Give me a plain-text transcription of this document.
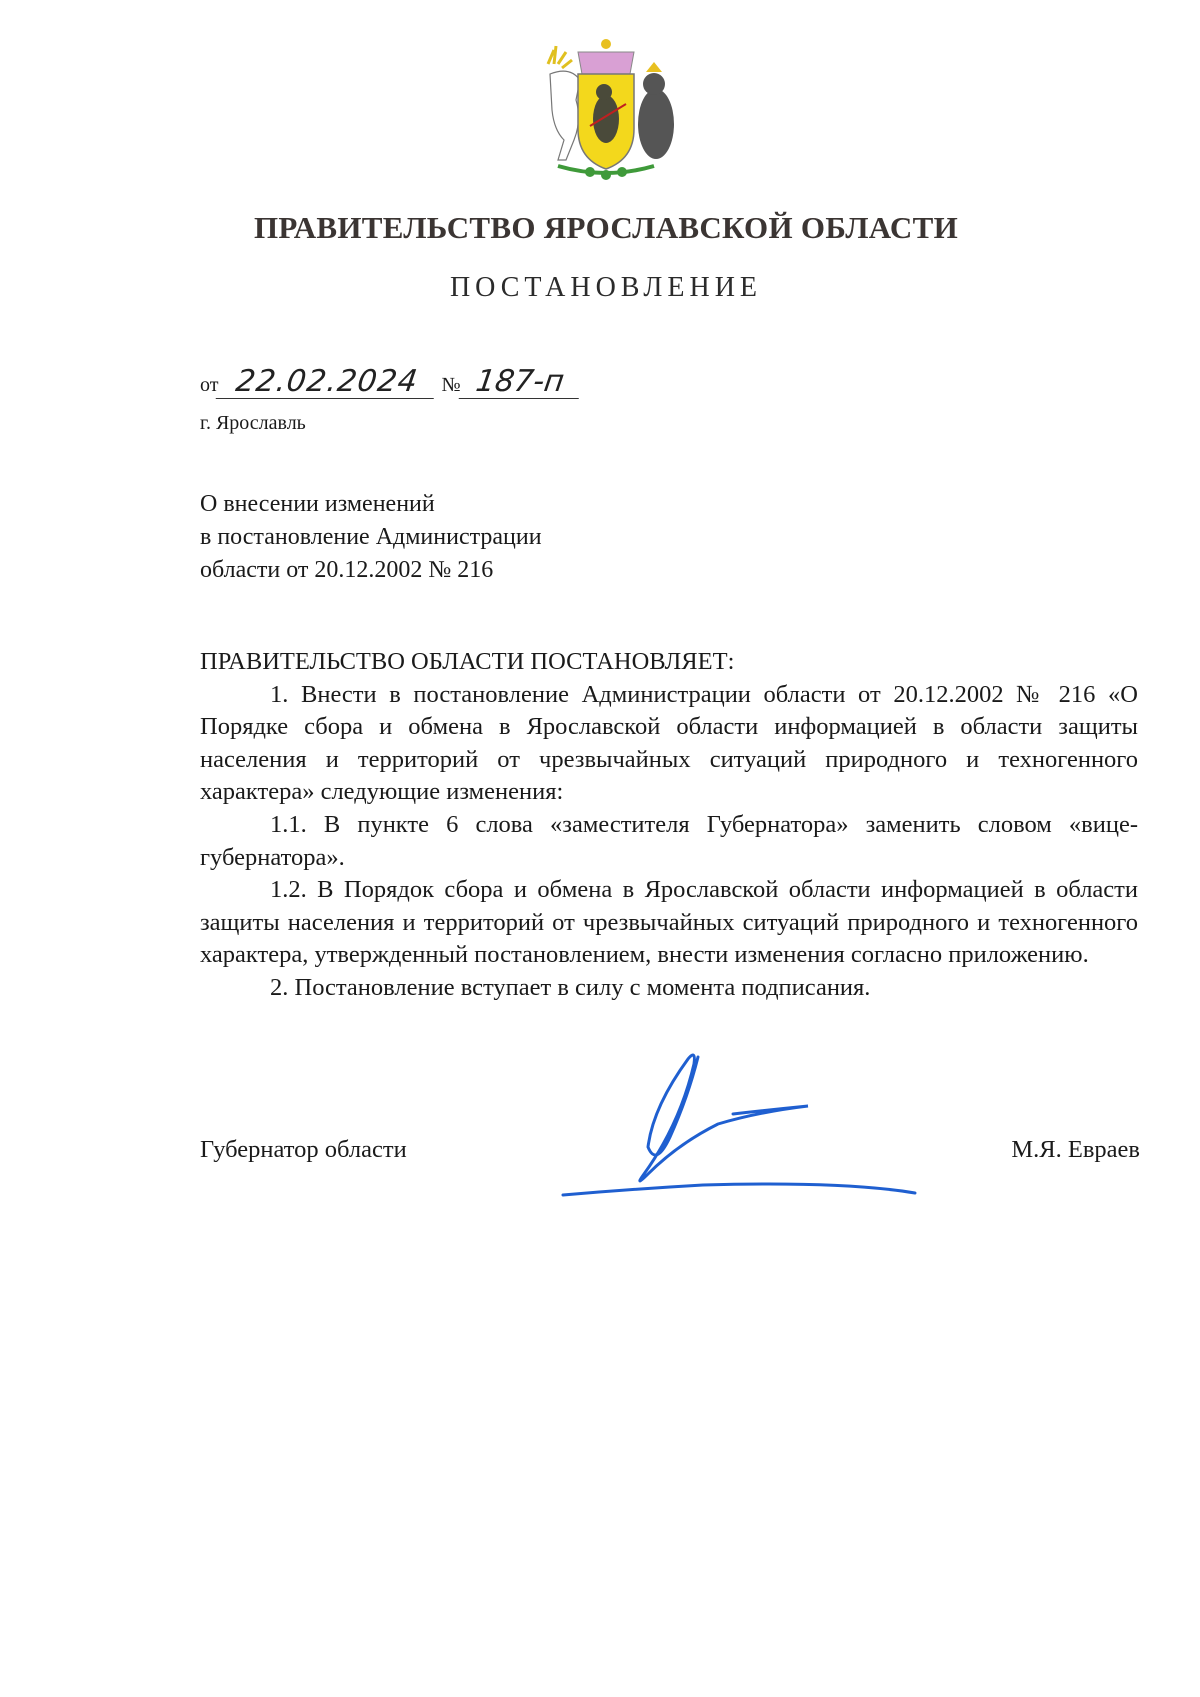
ПРАВИТЕЛЬСТВО ЯРОСЛАВСКОЙ ОБЛАСТИ
ПОСТАНОВЛЕНИЕ
от 22.02.2024 № 187-п
г. Ярославль
О внесении изменений
в постановление Администрации
области от 20.12.2002 № 216

ПРАВИТЕЛЬСТВО ОБЛАСТИ ПОСТАНОВЛЯЕТ:

1. Внести в постановление Администрации области от 20.12.2002 № 216 «О Порядке сбора и обмена в Ярославской области информацией в области защиты населения и территорий от чрезвычайных ситуаций природного и техногенного характера» следующие изменения:

1.1. В пункте 6 слова «заместителя Губернатора» заменить словом «вице-губернатора».

1.2. В Порядок сбора и обмена в Ярославской области информацией в области защиты населения и территорий от чрезвычайных ситуаций природного и техногенного характера, утвержденный постановлением, внести изменения согласно приложению.

2. Постановление вступает в силу с момента подписания.

Губернатор области	М.Я. Евраев
